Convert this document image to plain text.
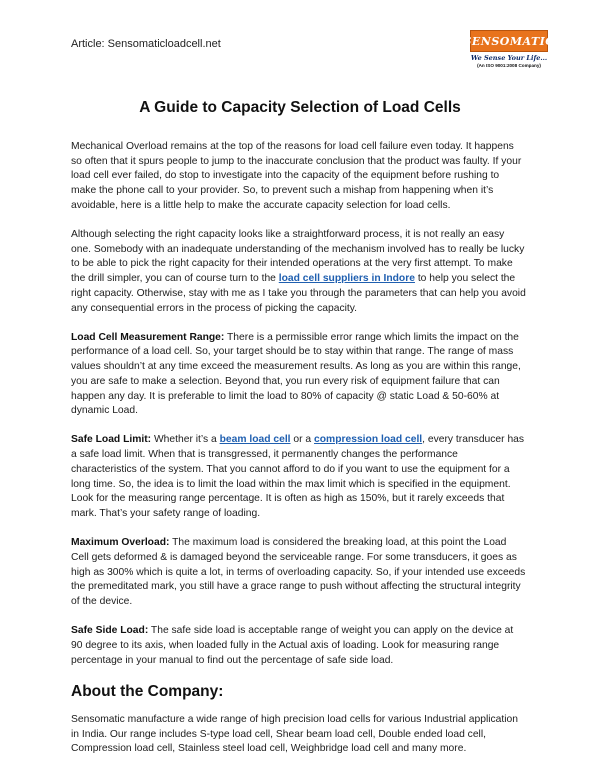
Article: Sensomaticloadcell.net	SENSOMATIC
We Sense Your Life...
(An ISO 9001:2008 Company)
A Guide to Capacity Selection of Load Cells

Mechanical Overload remains at the top of the reasons for load cell failure even today. It happens so often that it spurs people to jump to the inaccurate conclusion that the product was faulty. If your load cell ever failed, do stop to investigate into the capacity of the equipment before rushing to make the phone call to your provider. So, to prevent such a mishap from happening when it’s avoidable, here is a little help to make the accurate capacity selection for load cells.

Although selecting the right capacity looks like a straightforward process, it is not really an easy one. Somebody with an inadequate understanding of the mechanism involved has to really be lucky to be able to pick the right capacity for their intended operations at the very first attempt. To make the drill simpler, you can of course turn to the load cell suppliers in Indore to help you select the right capacity. Otherwise, stay with me as I take you through the parameters that can help you avoid any consequential errors in the process of picking the capacity.

Load Cell Measurement Range: There is a permissible error range which limits the impact on the performance of a load cell. So, your target should be to stay within that range. The range of mass values shouldn’t at any time exceed the measurement results. As long as you are within this range, you are safe to make a selection. Beyond that, you run every risk of equipment failure that can happen any day. It is preferable to limit the load to 80% of capacity @ static Load & 50-60% at dynamic Load.

Safe Load Limit: Whether it’s a beam load cell or a compression load cell, every transducer has a safe load limit. When that is transgressed, it permanently changes the performance characteristics of the system. That you cannot afford to do if you want to use the equipment for a long time. So, the idea is to limit the load within the max limit which is specified in the equipment. Look for the measuring range percentage. It is often as high as 150%, but it rarely exceeds that mark. That’s your safety range of loading.

Maximum Overload: The maximum load is considered the breaking load, at this point the Load Cell gets deformed & is damaged beyond the serviceable range. For some transducers, it goes as high as 300% which is quite a lot, in terms of overloading capacity. So, if your intended use exceeds the premeditated mark, you still have a grace range to push without affecting the structural integrity of the device.

Safe Side Load: The safe side load is acceptable range of weight you can apply on the device at 90 degree to its axis, when loaded fully in the Actual axis of loading. Look for measuring range percentage in your manual to find out the percentage of safe side load.

About the Company:

Sensomatic manufacture a wide range of high precision load cells for various Industrial application in India. Our range includes S-type load cell, Shear beam load cell, Double ended load cell, Compression load cell, Stainless steel load cell, Weighbridge load cell and many more.
